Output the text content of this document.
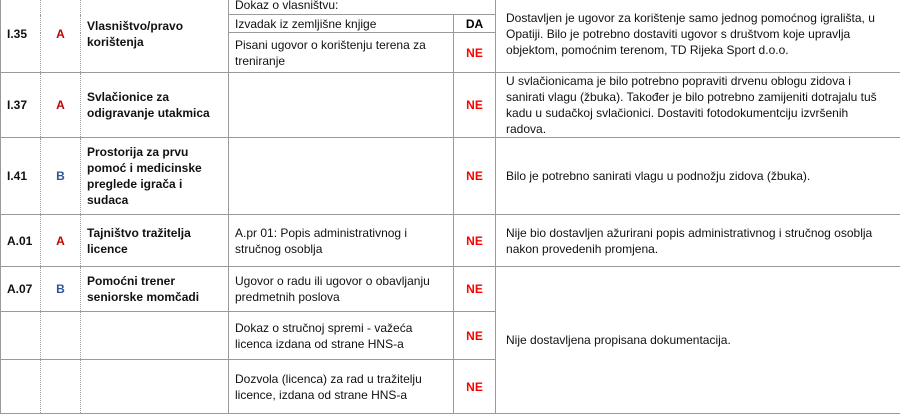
I.35	A	Vlasništvo/pravo korištenja	Dokaz o vlasništvu:		Dostavljen je ugovor za korištenje samo jednog pomoćnog igrališta, u Opatiji. Bilo je potrebno dostaviti ugovor s društvom koje upravlja objektom, pomoćnim terenom, TD Rijeka Sport d.o.o.
			Izvadak iz zemljišne knjige	DA	
			Pisani ugovor o korištenju terena za treniranje	NE	
I.37	A	Svlačionice za odigravanje utakmica		NE	U svlačionicama je bilo potrebno popraviti drvenu oblogu zidova i sanirati vlagu (žbuka). Također je bilo potrebno zamijeniti dotrajalu tuš kadu u sudačkoj svlačionici. Dostaviti fotodokumentciju izvršenih radova.
I.41	B	Prostorija za prvu pomoć i medicinske preglede igrača i sudaca		NE	Bilo je potrebno sanirati vlagu u podnožju zidova (žbuka).
A.01	A	Tajništvo tražitelja licence	A.pr 01: Popis administrativnog i stručnog osoblja	NE	Nije bio dostavljen ažurirani popis administrativnog i stručnog osoblja nakon provedenih promjena.
A.07	B	Pomoćni trener seniorske momčadi	Ugovor o radu ili ugovor o obavljanju predmetnih poslova	NE	Nije dostavljena propisana dokumentacija.
			Dokaz o stručnoj spremi - važeća licenca izdana od strane HNS-a	NE	
			Dozvola (licenca) za rad u tražitelju licence, izdana od strane HNS-a	NE	
